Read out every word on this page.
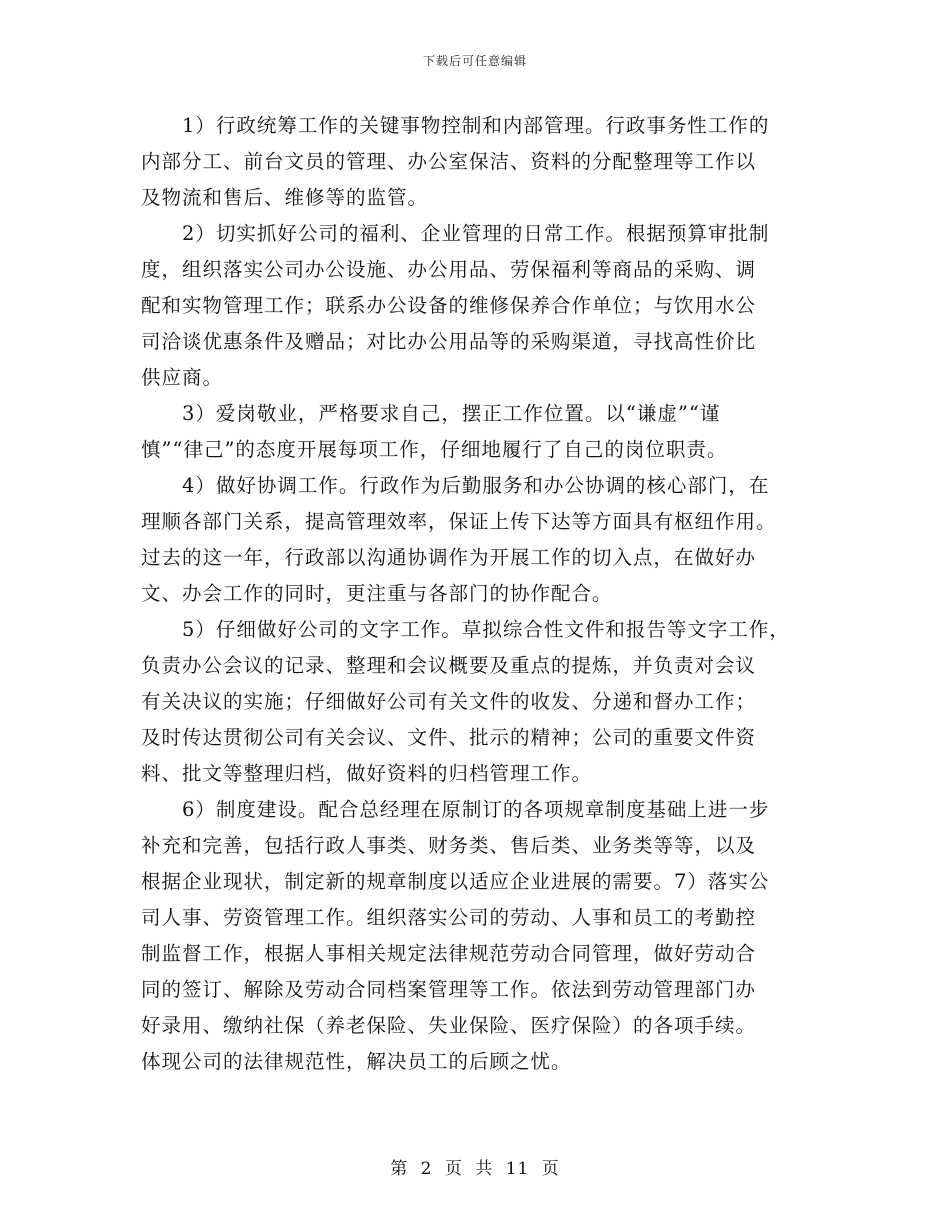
下载后可任意编辑
　　1）行政统筹工作的关键事物控制和内部管理。行政事务性工作的
内部分工、前台文员的管理、办公室保洁、资料的分配整理等工作以
及物流和售后、维修等的监管。
　　2）切实抓好公司的福利、企业管理的日常工作。根据预算审批制
度，组织落实公司办公设施、办公用品、劳保福利等商品的采购、调
配和实物管理工作；联系办公设备的维修保养合作单位；与饮用水公
司洽谈优惠条件及赠品；对比办公用品等的采购渠道，寻找高性价比
供应商。
　　3）爱岗敬业，严格要求自己，摆正工作位置。以“谦虚”“谨
慎”“律己”的态度开展每项工作，仔细地履行了自己的岗位职责。
　　4）做好协调工作。行政作为后勤服务和办公协调的核心部门，在
理顺各部门关系，提高管理效率，保证上传下达等方面具有枢纽作用。
过去的这一年，行政部以沟通协调作为开展工作的切入点，在做好办
文、办会工作的同时，更注重与各部门的协作配合。
　　5）仔细做好公司的文字工作。草拟综合性文件和报告等文字工作，
负责办公会议的记录、整理和会议概要及重点的提炼，并负责对会议
有关决议的实施；仔细做好公司有关文件的收发、分递和督办工作；
及时传达贯彻公司有关会议、文件、批示的精神；公司的重要文件资
料、批文等整理归档，做好资料的归档管理工作。
　　6）制度建设。配合总经理在原制订的各项规章制度基础上进一步
补充和完善，包括行政人事类、财务类、售后类、业务类等等，以及
根据企业现状，制定新的规章制度以适应企业进展的需要。7）落实公
司人事、劳资管理工作。组织落实公司的劳动、人事和员工的考勤控
制监督工作，根据人事相关规定法律规范劳动合同管理，做好劳动合
同的签订、解除及劳动合同档案管理等工作。依法到劳动管理部门办
好录用、缴纳社保（养老保险、失业保险、医疗保险）的各项手续。
体现公司的法律规范性，解决员工的后顾之忧。
第 2 页 共 11 页
